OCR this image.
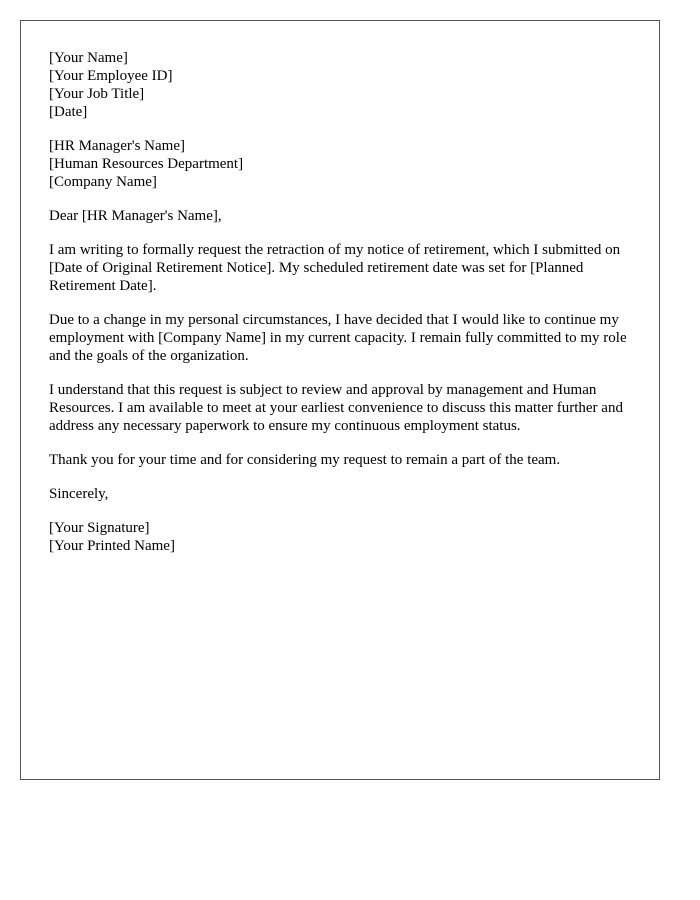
[Your Name]
[Your Employee ID]
[Your Job Title]
[Date]
[HR Manager's Name]
[Human Resources Department]
[Company Name]

Dear [HR Manager's Name],

I am writing to formally request the retraction of my notice of retirement, which I submitted on [Date of Original Retirement Notice]. My scheduled retirement date was set for [Planned Retirement Date].

Due to a change in my personal circumstances, I have decided that I would like to continue my employment with [Company Name] in my current capacity. I remain fully committed to my role and the goals of the organization.

I understand that this request is subject to review and approval by management and Human Resources. I am available to meet at your earliest convenience to discuss this matter further and address any necessary paperwork to ensure my continuous employment status.

Thank you for your time and for considering my request to remain a part of the team.

Sincerely,

[Your Signature]
[Your Printed Name]
